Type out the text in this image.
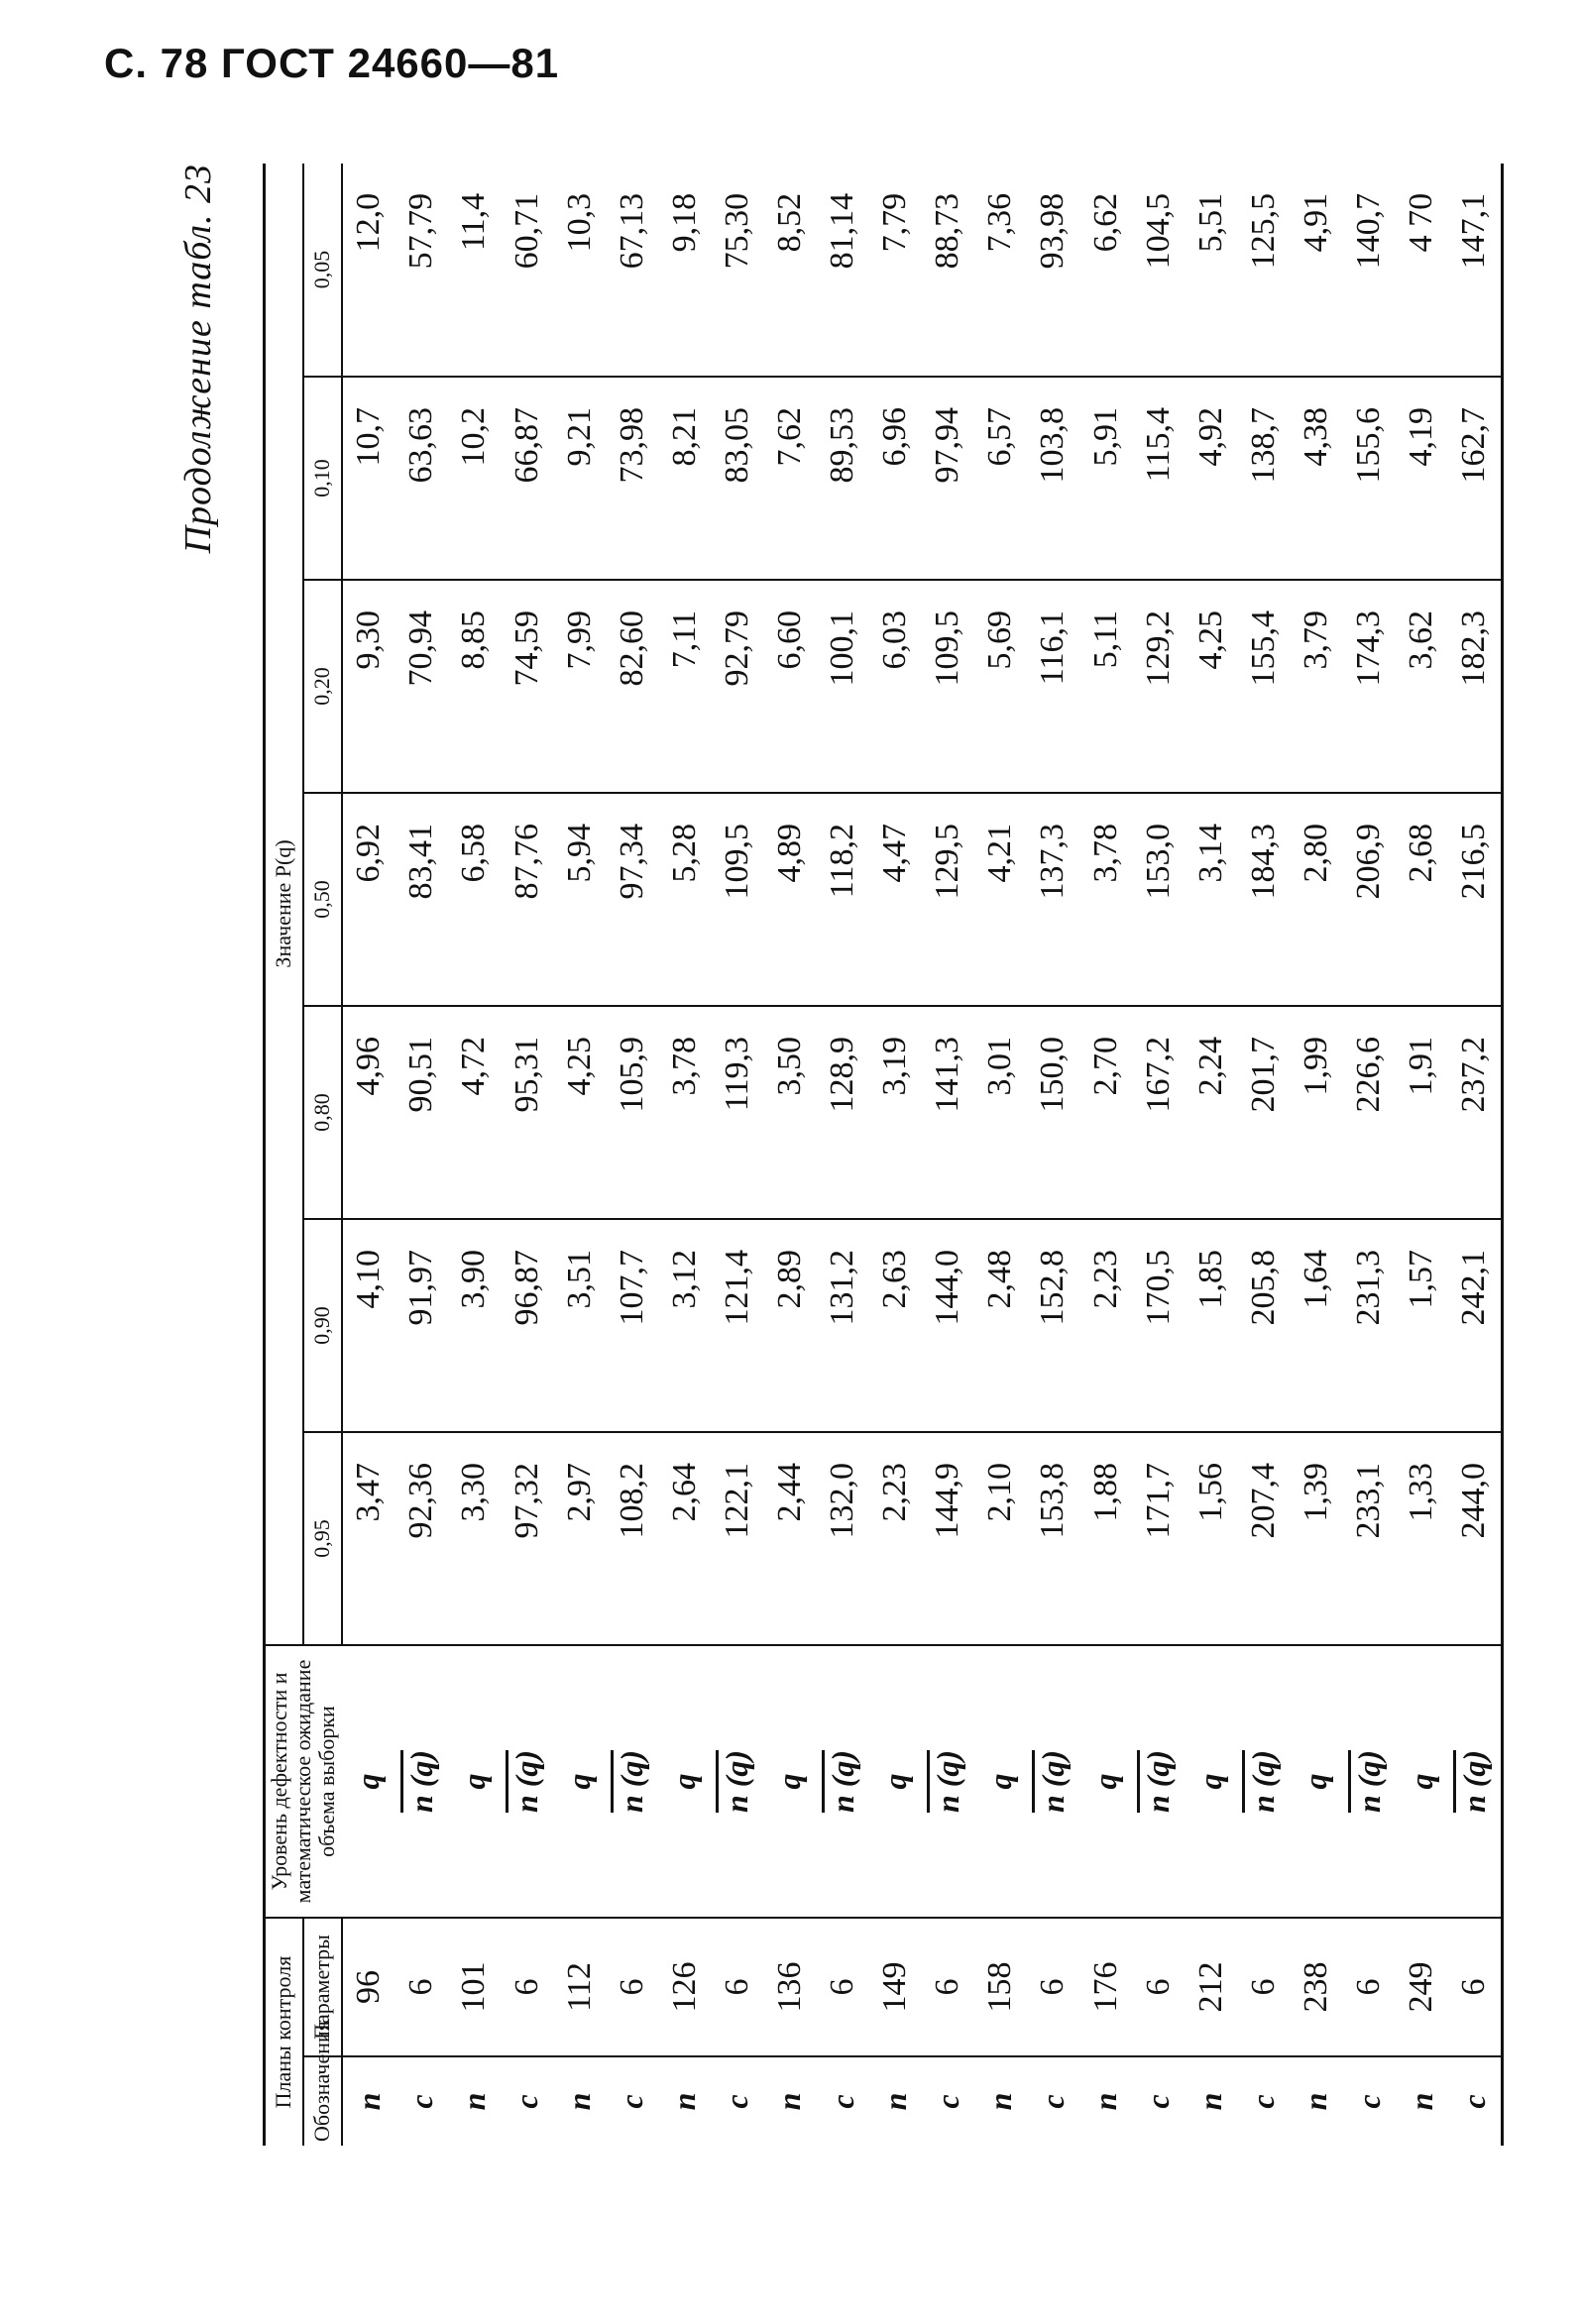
С. 78 ГОСТ 24660—81
Продолжение табл. 23
Планы контроля		Уровень дефектности и математическое ожидание объема выборки	Значение P(q)						
Обозначения	Параметры		0,95	0,90	0,80	0,50	0,20	0,10	0,05
n	96	q	3,47	4,10	4,96	6,92	9,30	10,7	12,0
c	6	n (q)	92,36	91,97	90,51	83,41	70,94	63,63	57,79
n	101	q	3,30	3,90	4,72	6,58	8,85	10,2	11,4
c	6	n (q)	97,32	96,87	95,31	87,76	74,59	66,87	60,71
n	112	q	2,97	3,51	4,25	5,94	7,99	9,21	10,3
c	6	n (q)	108,2	107,7	105,9	97,34	82,60	73,98	67,13
n	126	q	2,64	3,12	3,78	5,28	7,11	8,21	9,18
c	6	n (q)	122,1	121,4	119,3	109,5	92,79	83,05	75,30
n	136	q	2,44	2,89	3,50	4,89	6,60	7,62	8,52
c	6	n (q)	132,0	131,2	128,9	118,2	100,1	89,53	81,14
n	149	q	2,23	2,63	3,19	4,47	6,03	6,96	7,79
c	6	n (q)	144,9	144,0	141,3	129,5	109,5	97,94	88,73
n	158	q	2,10	2,48	3,01	4,21	5,69	6,57	7,36
c	6	n (q)	153,8	152,8	150,0	137,3	116,1	103,8	93,98
n	176	q	1,88	2,23	2,70	3,78	5,11	5,91	6,62
c	6	n (q)	171,7	170,5	167,2	153,0	129,2	115,4	104,5
n	212	q	1,56	1,85	2,24	3,14	4,25	4,92	5,51
c	6	n (q)	207,4	205,8	201,7	184,3	155,4	138,7	125,5
n	238	q	1,39	1,64	1,99	2,80	3,79	4,38	4,91
c	6	n (q)	233,1	231,3	226,6	206,9	174,3	155,6	140,7
n	249	q	1,33	1,57	1,91	2,68	3,62	4,19	4 70
c	6	n (q)	244,0	242,1	237,2	216,5	182,3	162,7	147,1
